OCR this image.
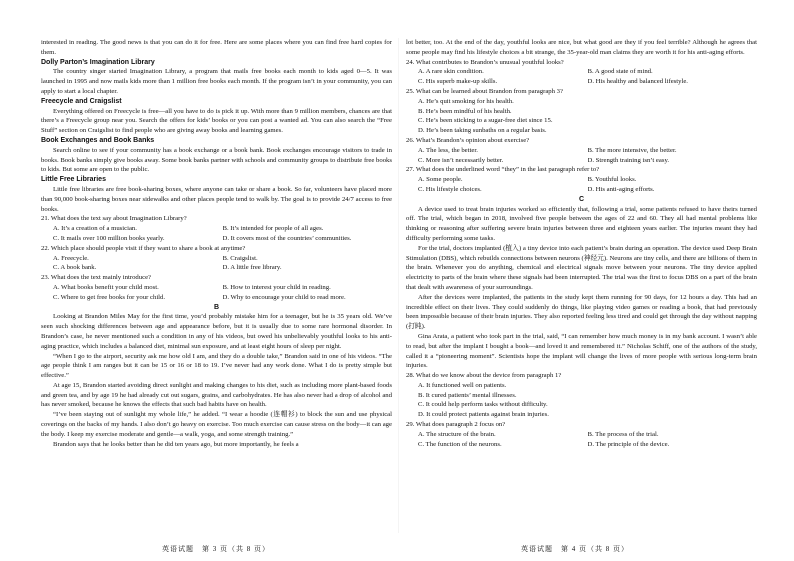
interested in reading. The good news is that you can do it for free. Here are some places where you can find free hard copies for them.

Dolly Parton’s Imagination Library

The country singer started Imagination Library, a program that mails free books each month to kids aged 0—5. It was launched in 1995 and now mails kids more than 1 million free books each month. If the program isn’t in your community, you can apply to start a local chapter.

Freecycle and Craigslist

Everything offered on Freecycle is free—all you have to do is pick it up. With more than 9 million members, chances are that there’s a Freecycle group near you. Search the offers for kids’ books or you can post a wanted ad. You can also search the “Free Stuff” section on Craigslist to find people who are giving away books and learning games.

Book Exchanges and Book Banks

Search online to see if your community has a book exchange or a book bank. Book exchanges encourage visitors to trade in books. Book banks simply give books away. Some book banks partner with schools and community groups to distribute free books to kids. But some are open to the public.

Little Free Libraries

Little free libraries are free book-sharing boxes, where anyone can take or share a book. So far, volunteers have placed more than 90,000 book-sharing boxes near sidewalks and other places people tend to walk by. The goal is to provide 24/7 access to free books.

21. What does the text say about Imagination Library?

A. It’s a creation of a musician.	B. It’s intended for people of all ages.
C. It mails over 100 million books yearly.	D. It covers most of the countries’ communities.

22. Which place should people visit if they want to share a book at anytime?

A. Freecycle.	B. Craigslist.
C. A book bank.	D. A little free library.

23. What does the text mainly introduce?

A. What books benefit your child most.	B. How to interest your child in reading.
C. Where to get free books for your child.	D. Why to encourage your child to read more.
B

Looking at Brandon Miles May for the first time, you’d probably mistake him for a teenager, but he is 35 years old. We’ve seen such shocking differences between age and appearance before, but it is usually due to some rare hormonal disorder. In Brandon’s case, he never mentioned such a condition in any of his videos, but owed his unbelievably youthful looks to his anti-aging practice, which includes a balanced diet, minimal sun exposure, and at least eight hours of sleep per night.

“When I go to the airport, security ask me how old I am, and they do a double take,” Brandon said in one of his videos. “The age people think I am ranges but it can be 15 or 16 or 18 to 19. I’ve never had any work done. What I do is pretty simple but effective.”

At age 15, Brandon started avoiding direct sunlight and making changes to his diet, such as including more plant-based foods and green tea, and by age 19 he had already cut out sugars, grains, and carbohydrates. He has also never had a drop of alcohol and has never smoked, because he knows the effects that such bad habits have on health.

“I’ve been staying out of sunlight my whole life,” he added. “I wear a hoodie (连帽衫) to block the sun and use physical coverings on the backs of my hands. I also don’t go heavy on exercise. Too much exercise can cause stress on the body—it can age the body. I keep my exercise moderate and gentle—a walk, yoga, and some strength training.”

Brandon says that he looks better than he did ten years ago, but more importantly, he feels a

lot better, too. At the end of the day, youthful looks are nice, but what good are they if you feel terrible? Although he agrees that some people may find his lifestyle choices a bit strange, the 35-year-old man claims they are worth it for his anti-aging efforts.

24. What contributes to Brandon’s unusual youthful looks?

A. A rare skin condition.	B. A good state of mind.
C. His superb make-up skills.	D. His healthy and balanced lifestyle.

25. What can be learned about Brandon from paragraph 3?

A. He’s quit smoking for his health.
B. He’s been mindful of his health.
C. He’s been sticking to a sugar-free diet since 15.
D. He’s been taking sunbaths on a regular basis.

26. What’s Brandon’s opinion about exercise?

A. The less, the better.	B. The more intensive, the better.
C. More isn’t necessarily better.	D. Strength training isn’t easy.

27. What does the underlined word “they” in the last paragraph refer to?

A. Some people.	B. Youthful looks.
C. His lifestyle choices.	D. His anti-aging efforts.
C

A device used to treat brain injuries worked so efficiently that, following a trial, some patients refused to have theirs turned off. The trial, which began in 2018, involved five people between the ages of 22 and 60. They all had mental problems like thinking or reasoning after suffering severe brain injuries between three and eighteen years earlier. The injuries meant they had difficulty performing some tasks.

For the trial, doctors implanted (植入) a tiny device into each patient’s brain during an operation. The device used Deep Brain Stimulation (DBS), which rebuilds connections between neurons (神经元). Neurons are tiny cells, and there are billions of them in the brain. Whenever you do anything, chemical and electrical signals move between your neurons. The tiny device applied electricity to parts of the brain where these signals had been interrupted. The trial was the first to focus DBS on a part of the brain that dealt with awareness of your surroundings.

After the devices were implanted, the patients in the study kept them running for 90 days, for 12 hours a day. This had an incredible effect on their lives. They could suddenly do things, like playing video games or reading a book, that had previously been impossible because of their brain injuries. They also reported feeling less tired and could get through the day without napping (打盹).

Gina Arata, a patient who took part in the trial, said, “I can remember how much money is in my bank account. I wasn’t able to read, but after the implant I bought a book—and loved it and remembered it.” Nicholas Schiff, one of the authors of the study, called it a “pioneering moment”. Scientists hope the implant will change the lives of more people with serious long-term brain injuries.

28. What do we know about the device from paragraph 1?

A. It functioned well on patients.
B. It cured patients’ mental illnesses.
C. It could help perform tasks without difficulty.
D. It could protect patients against brain injuries.

29. What does paragraph 2 focus on?

A. The structure of the brain.	B. The process of the trial.
C. The function of the neurons.	D. The principle of the device.
英语试题　第 3 页（共 8 页）	英语试题　第 4 页（共 8 页）
